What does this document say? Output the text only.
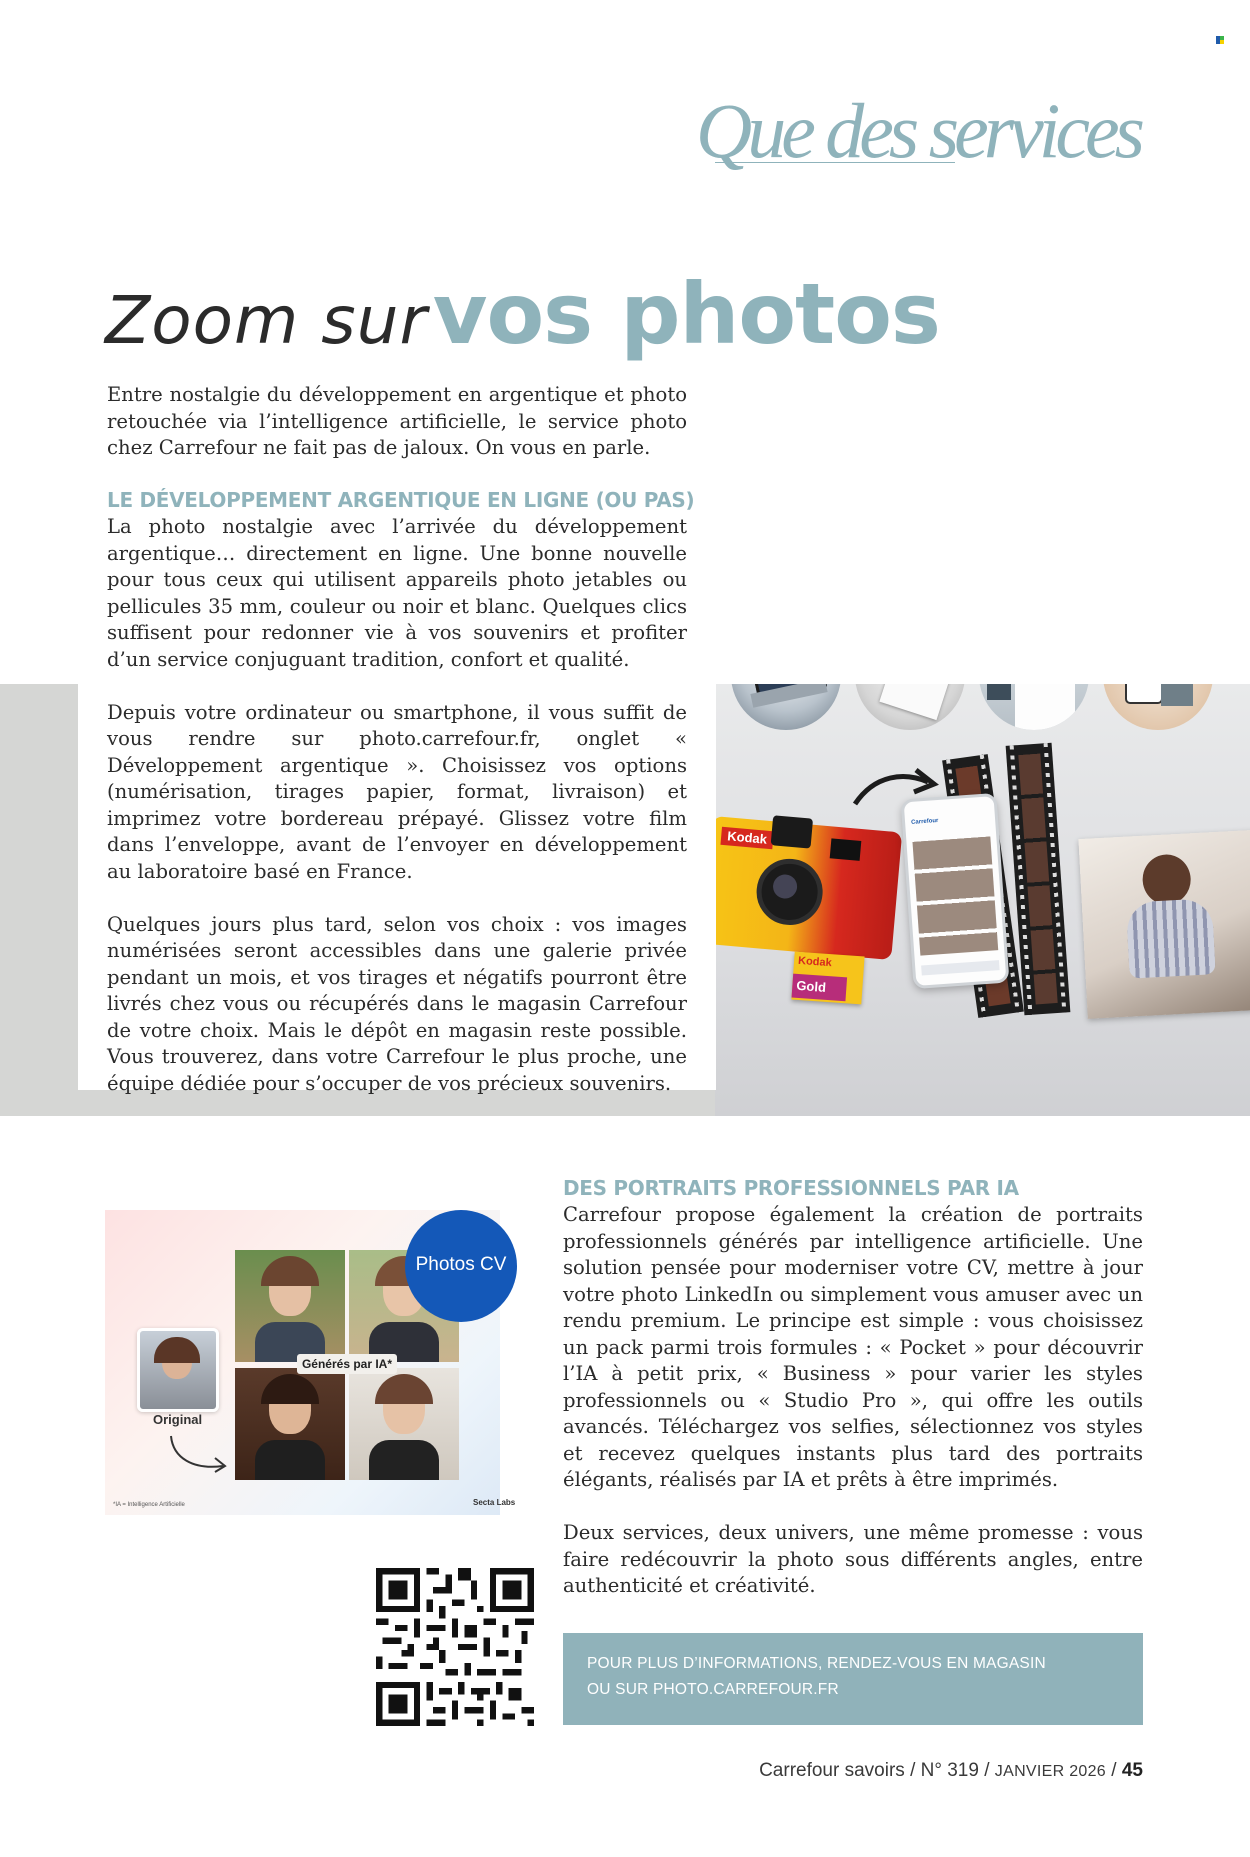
Que des services
Zoom sur vos photos
Kodak
Kodak
Gold
Carrefour

Entre nostalgie du développement en argentique et photo retouchée via l’intelligence artificielle, le service photo chez Carrefour ne fait pas de jaloux. On vous en parle.

LE DÉVELOPPEMENT ARGENTIQUE EN LIGNE (OU PAS)

La photo nostalgie avec l’arrivée du développement argentique… directement en ligne. Une bonne nouvelle pour tous ceux qui utilisent appareils photo jetables ou pellicules 35 mm, couleur ou noir et blanc. Quelques clics suffisent pour redonner vie à vos souvenirs et profiter d’un service conjuguant tradition, confort et qualité.

Depuis votre ordinateur ou smartphone, il vous suffit de vous rendre sur photo.carrefour.fr, onglet « Développement argentique ». Choisissez vos options (numérisation, tirages papier, format, livraison) et imprimez votre bordereau prépayé. Glissez votre film dans l’enveloppe, avant de l’envoyer en développement au laboratoire basé en France.

Quelques jours plus tard, selon vos choix : vos images numérisées seront accessibles dans une galerie privée pendant un mois, et vos tirages et négatifs pourront être livrés chez vous ou récupérés dans le magasin Carrefour de votre choix. Mais le dépôt en magasin reste possible. Vous trouverez, dans votre Carrefour le plus proche, une équipe dédiée pour s’occuper de vos précieux souvenirs.

Générés par IA*
Photos CV
Original
*IA = Intelligence Artificielle	Secta Labs
DES PORTRAITS PROFESSIONNELS PAR IA

Carrefour propose également la création de portraits professionnels générés par intelligence artificielle. Une solution pensée pour moderniser votre CV, mettre à jour votre photo LinkedIn ou simplement vous amuser avec un rendu premium. Le principe est simple : vous choisissez un pack parmi trois formules : « Pocket » pour découvrir l’IA à petit prix, « Business » pour varier les styles professionnels ou « Studio Pro », qui offre les outils avancés. Téléchargez vos selfies, sélectionnez vos styles et recevez quelques instants plus tard des portraits élégants, réalisés par IA et prêts à être imprimés.

Deux services, deux univers, une même promesse : vous faire redécouvrir la photo sous différents angles, entre authenticité et créativité.

POUR PLUS D’INFORMATIONS, RENDEZ-VOUS EN MAGASIN
OU SUR PHOTO.CARREFOUR.FR
Carrefour savoirs / N° 319 / JANVIER 2026 / 45
